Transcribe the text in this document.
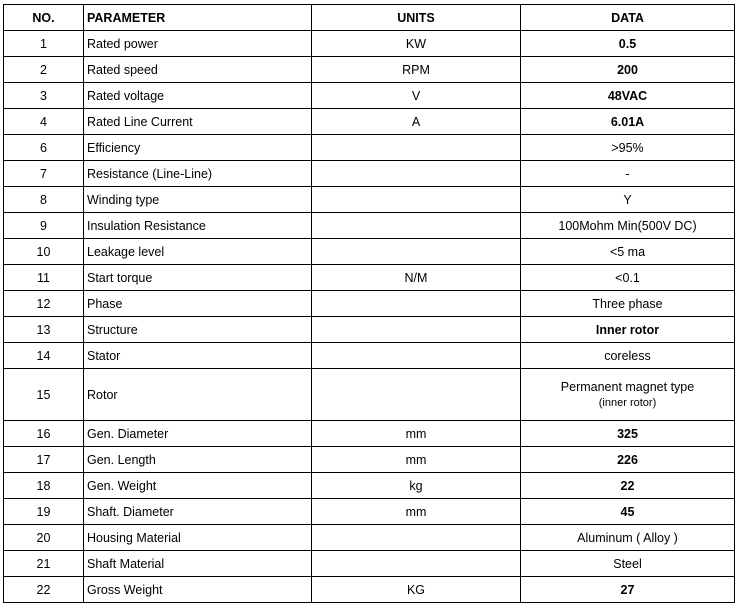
NO.	PARAMETER	UNITS	DATA
1	Rated power	KW	0.5
2	Rated speed	RPM	200
3	Rated voltage	V	48VAC
4	Rated Line Current	A	6.01A
6	Efficiency		>95%
7	Resistance (Line-Line)		-
8	Winding type		Y
9	Insulation Resistance		100Mohm Min(500V DC)
10	Leakage level		<5 ma
11	Start torque	N/M	<0.1
12	Phase		Three phase
13	Structure		Inner rotor
14	Stator		coreless
15	Rotor		Permanent magnet type
( inner rotor )

16	Gen. Diameter	mm	325
17	Gen. Length	mm	226
18	Gen. Weight	kg	22
19	Shaft. Diameter	mm	45
20	Housing Material		Aluminum ( Alloy )
21	Shaft Material		Steel
22	Gross Weight	KG	27
